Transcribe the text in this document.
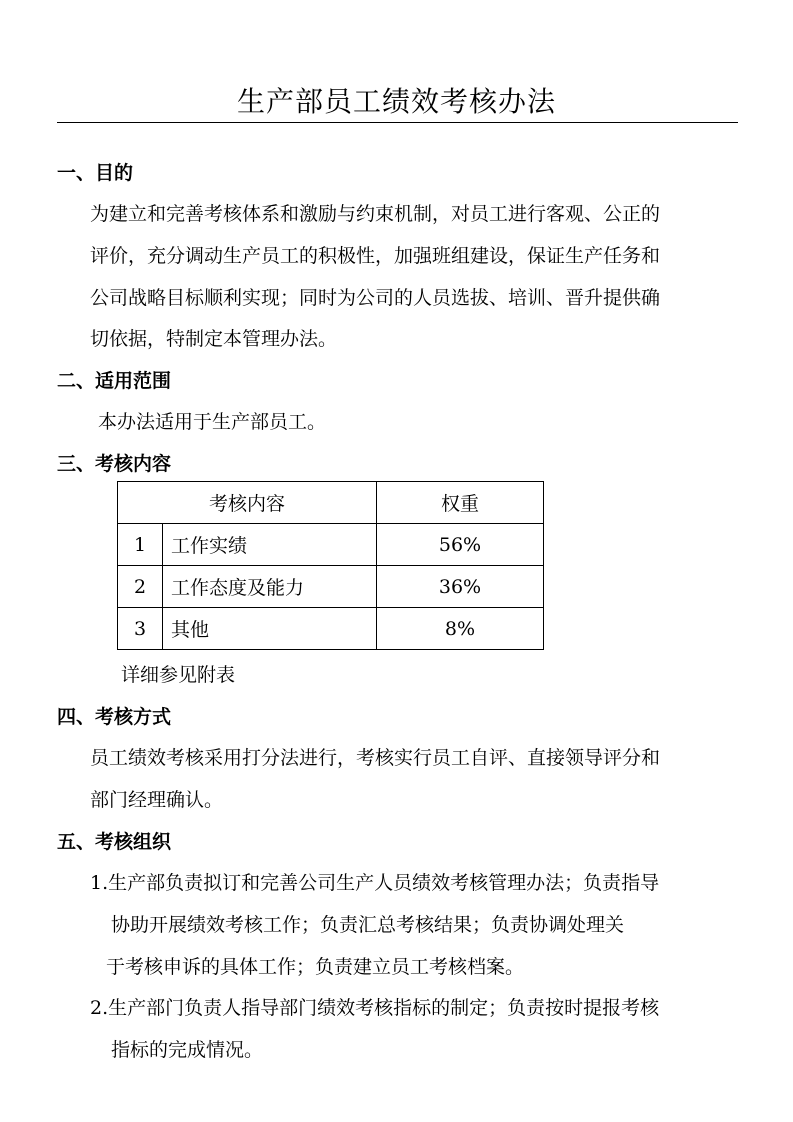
生产部员工绩效考核办法
一、目的
为建立和完善考核体系和激励与约束机制，对员工进行客观、公正的
评价，充分调动生产员工的积极性，加强班组建设，保证生产任务和
公司战略目标顺利实现；同时为公司的人员选拔、培训、晋升提供确
切依据，特制定本管理办法。
二、适用范围
本办法适用于生产部员工。
三、考核内容
考核内容		权重
1	工作实绩	56%
2	工作态度及能力	36%
3	其他	8%
详细参见附表
四、考核方式
员工绩效考核采用打分法进行，考核实行员工自评、直接领导评分和
部门经理确认。
五、考核组织
1.生产部负责拟订和完善公司生产人员绩效考核管理办法；负责指导
协助开展绩效考核工作；负责汇总考核结果；负责协调处理关
于考核申诉的具体工作；负责建立员工考核档案。
2.生产部门负责人指导部门绩效考核指标的制定；负责按时提报考核
指标的完成情况。
